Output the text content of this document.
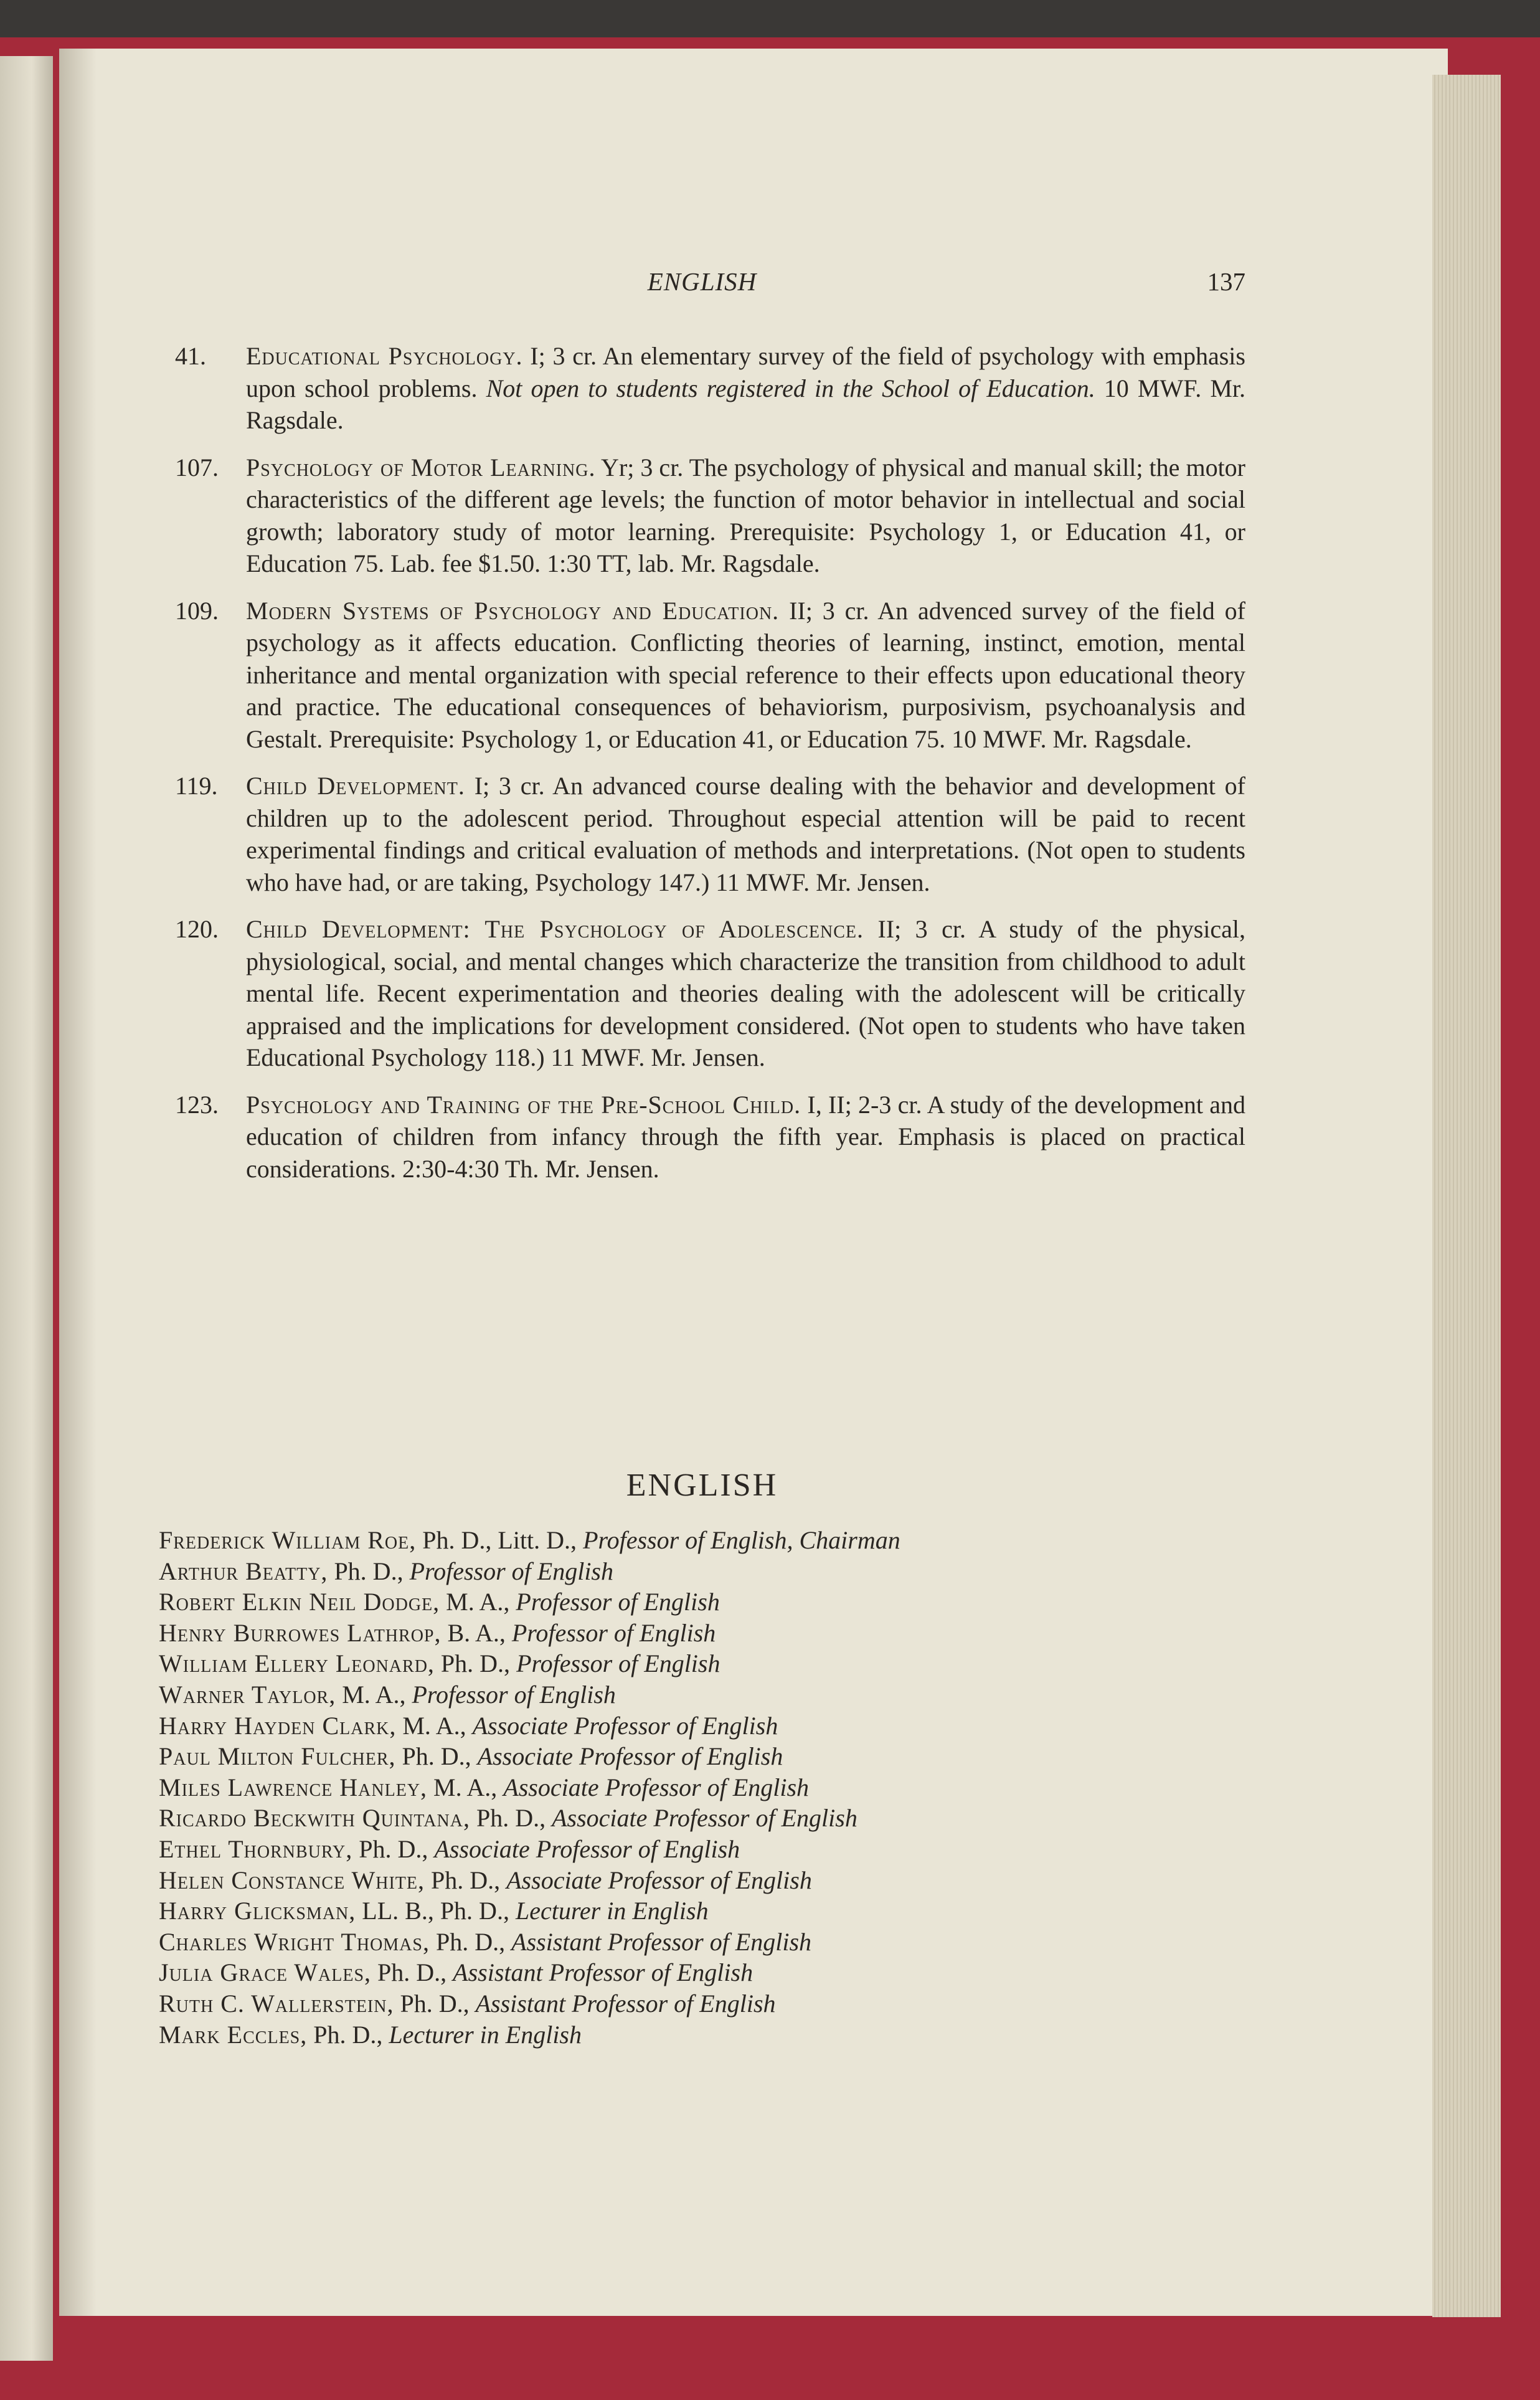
ENGLISH	137
41. Educational Psychology. I; 3 cr. An elementary survey of the field of psychology with emphasis upon school problems. Not open to students registered in the School of Education. 10 MWF. Mr. Ragsdale.
107. Psychology of Motor Learning. Yr; 3 cr. The psychology of physical and manual skill; the motor characteristics of the different age levels; the function of motor behavior in intellectual and social growth; laboratory study of motor learning. Prerequisite: Psychology 1, or Education 41, or Education 75. Lab. fee $1.50. 1:30 TT, lab. Mr. Ragsdale.
109. Modern Systems of Psychology and Education. II; 3 cr. An advenced survey of the field of psychology as it affects education. Conflicting theories of learning, instinct, emotion, mental inheritance and mental organization with special reference to their effects upon educational theory and practice. The educational consequences of behaviorism, purposivism, psychoanalysis and Gestalt. Prerequisite: Psychology 1, or Education 41, or Education 75. 10 MWF. Mr. Ragsdale.
119. Child Development. I; 3 cr. An advanced course dealing with the behavior and development of children up to the adolescent period. Throughout especial attention will be paid to recent experimental findings and critical evaluation of methods and interpretations. (Not open to students who have had, or are taking, Psychology 147.) 11 MWF. Mr. Jensen.
120. Child Development: The Psychology of Adolescence. II; 3 cr. A study of the physical, physiological, social, and mental changes which characterize the transition from childhood to adult mental life. Recent experimentation and theories dealing with the adolescent will be critically appraised and the implications for development considered. (Not open to students who have taken Educational Psychology 118.) 11 MWF. Mr. Jensen.
123. Psychology and Training of the Pre-School Child. I, II; 2-3 cr. A study of the development and education of children from infancy through the fifth year. Emphasis is placed on practical considerations. 2:30-4:30 Th. Mr. Jensen.
ENGLISH
Frederick William Roe, Ph. D., Litt. D., Professor of English, Chairman
Arthur Beatty, Ph. D., Professor of English
Robert Elkin Neil Dodge, M. A., Professor of English
Henry Burrowes Lathrop, B. A., Professor of English
William Ellery Leonard, Ph. D., Professor of English
Warner Taylor, M. A., Professor of English
Harry Hayden Clark, M. A., Associate Professor of English
Paul Milton Fulcher, Ph. D., Associate Professor of English
Miles Lawrence Hanley, M. A., Associate Professor of English
Ricardo Beckwith Quintana, Ph. D., Associate Professor of English
Ethel Thornbury, Ph. D., Associate Professor of English
Helen Constance White, Ph. D., Associate Professor of English
Harry Glicksman, LL. B., Ph. D., Lecturer in English
Charles Wright Thomas, Ph. D., Assistant Professor of English
Julia Grace Wales, Ph. D., Assistant Professor of English
Ruth C. Wallerstein, Ph. D., Assistant Professor of English
Mark Eccles, Ph. D., Lecturer in English
